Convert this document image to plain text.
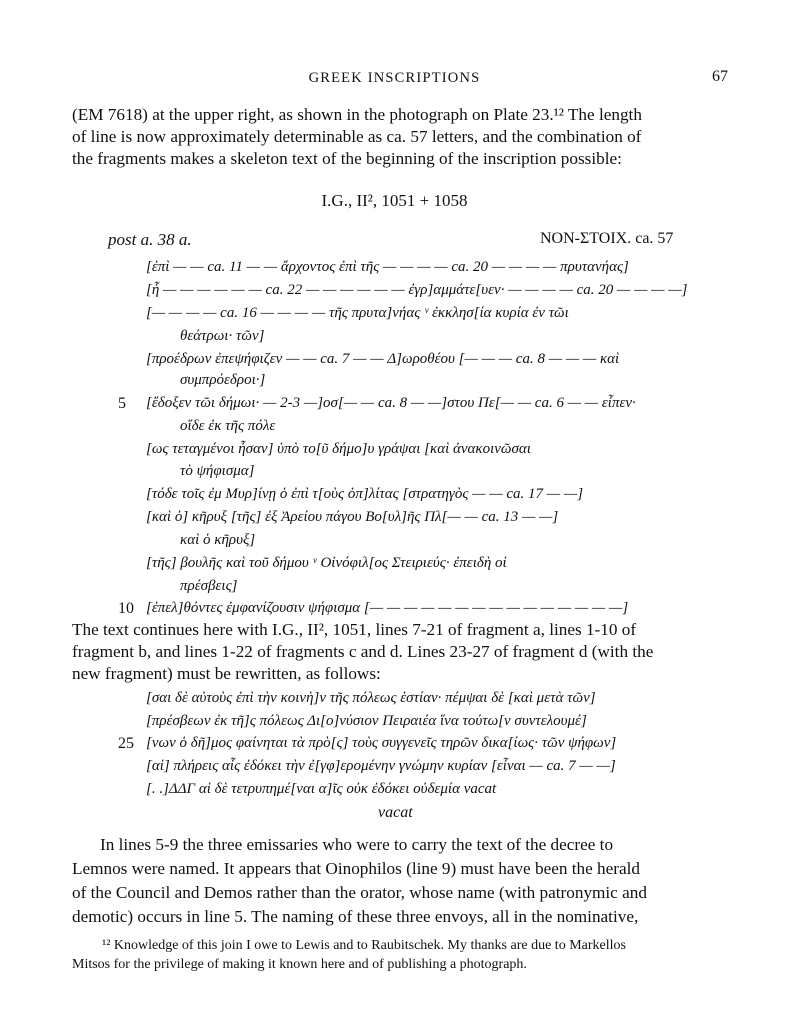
GREEK INSCRIPTIONS	67
(EM 7618) at the upper right, as shown in the photograph on Plate 23.¹² The length
of line is now approximately determinable as ca. 57 letters, and the combination of
the fragments makes a skeleton text of the beginning of the inscription possible:
I.G., II², 1051 + 1058
post a. 38 a.	NON-ΣΤΟΙΧ. ca. 57
[ἐπὶ — — ca. 11 — — ἄρχοντος ἐπὶ τῆς — — — — ca. 20 — — — — πρυτανήας]
[ἧ — — — — — — ca. 22 — — — — — — ἐγρ]αμμάτε[υεν· — — — — ca. 20 — — — —]
[— — — — ca. 16 — — — — τῆς πρυτα]νήας ᵛ ἐκκλησ[ία κυρία ἐν τῶι
θεάτρωι· τῶν]
[προέδρων ἐπεψήφιζεν — — ca. 7 — — Δ]ωροθέου [— — — ca. 8 — — — καὶ
συμπρόεδροι·]
5 [ἔδοξεν τῶι δήμωι· — 2-3 —]οσ[— — ca. 8 — —]στου Πε[— — ca. 6 — — εἶπεν·
οἵδε ἐκ τῆς πόλε
[ως τεταγμένοι ἦσαν] ὑπὸ το[ῦ δήμο]υ γράψαι [καὶ ἀνακοινῶσαι
τὸ ψήφισμα]
[τόδε τοῖς ἐμ Μυρ]ίνῃ ὁ ἐπὶ τ[οὺς ὁπ]λίτας [στρατηγὸς — — ca. 17 — —]
[καὶ ὁ] κῆρυξ [τῆς] ἐξ Ἀρείου πάγου Βο[υλ]ῆς Πλ[— — ca. 13 — —]
καὶ ὁ κῆρυξ]
[τῆς] βουλῆς καὶ τοῦ δήμου ᵛ Οἰνόφιλ[ος Στειριεύς· ἐπειδὴ οἱ
πρέσβεις]
10 [ἐπελ]θόντες ἐμφανίζουσιν ψήφισμα [— — — — — — — — — — — — — — —]
The text continues here with I.G., II², 1051, lines 7-21 of fragment a, lines 1-10 of
fragment b, and lines 1-22 of fragments c and d. Lines 23-27 of fragment d (with the
new fragment) must be rewritten, as follows:
[σαι δὲ αὐτοὺς ἐπὶ τὴν κοινὴ]ν τῆς πόλεως ἑστίαν· πέμψαι δὲ [καὶ μετὰ τῶν]
[πρέσβεων ἐκ τῆ]ς πόλεως Δι[ο]νύσιον Πειραιέα ἵνα τούτω[ν συντελουμέ]
25 [νων ὁ δῆ]μος φαίνηται τὰ πρὸ[ς] τοὺς συγγενεῖς τηρῶν δικα[ίως· τῶν ψήφων]
[αἱ] πλήρεις αἷς ἐδόκει τὴν ἐ[γφ]ερομένην γνώμην κυρίαν [εἶναι — ca. 7 — —]
[. .]ΔΔΓ αἱ δὲ τετρυπημέ[ναι α]ῖς οὐκ ἐδόκει οὐδεμία vacat
vacat
In lines 5-9 the three emissaries who were to carry the text of the decree to
Lemnos were named. It appears that Oinophilos (line 9) must have been the herald
of the Council and Demos rather than the orator, whose name (with patronymic and
demotic) occurs in line 5. The naming of these three envoys, all in the nominative,
¹² Knowledge of this join I owe to Lewis and to Raubitschek. My thanks are due to Markellos
Mitsos for the privilege of making it known here and of publishing a photograph.
